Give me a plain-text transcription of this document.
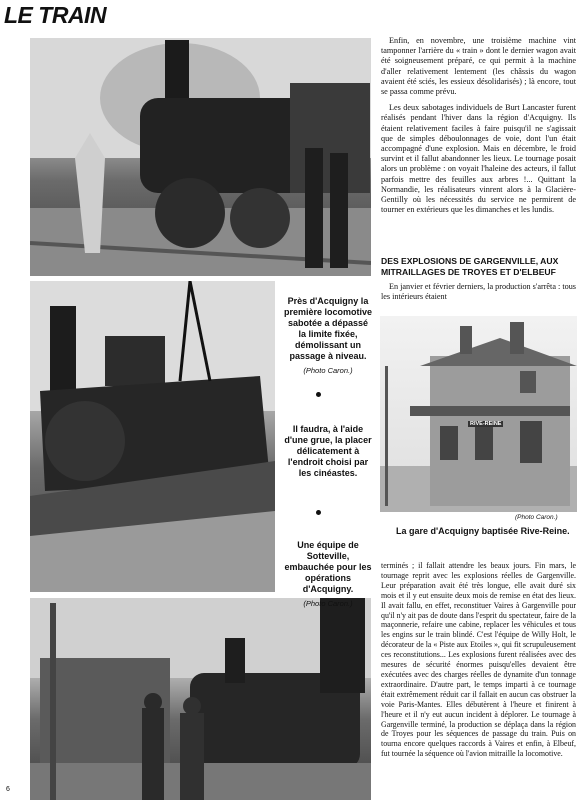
LE TRAIN
RIVE-REINE
Près d'Acquigny la première locomotive sabotée a dépassé la limite fixée, démolissant un passage à niveau.
(Photo Caron.)
Il faudra, à l'aide d'une grue, la placer délicatement à l'endroit choisi par les cinéastes.
Une équipe de Sotteville, embauchée pour les opérations d'Acquigny.
(Photo Caron.)
(Photo Caron.)
La gare d'Acquigny baptisée Rive-Reine.

Enfin, en novembre, une troisième machine vint tamponner l'arrière du « train » dont le dernier wagon avait été soigneusement préparé, ce qui permit à la machine d'aller relativement lentement (les châssis du wagon avaient été sciés, les essieux désolidarisés) ; là encore, tout se passa comme prévu.

Les deux sabotages individuels de Burt Lancaster furent réalisés pendant l'hiver dans la région d'Acquigny. Ils étaient relativement faciles à faire puisqu'il ne s'agissait que de simples déboulonnages de voie, dont l'un était accompagné d'une explosion. Mais en décembre, le froid survint et il fallut abandonner les lieux. Le tournage posait alors un problème : on voyait l'haleine des acteurs, il fallut parfois mettre des feuilles aux arbres !... Quittant la Normandie, les réalisateurs vinrent alors à la Glacière-Gentilly où les nécessités du service ne permirent de tourner en extérieurs que les dimanches et les lundis.

DES EXPLOSIONS DE GARGENVILLE, AUX MITRAILLAGES DE TROYES ET D'ELBEUF
En janvier et février derniers, la production s'arrêta : tous les intérieurs étaient
terminés ; il fallait attendre les beaux jours. Fin mars, le tournage reprit avec les explosions réelles de Gargenville. Leur préparation avait été très longue, elle avait duré six mois et il y eut ensuite deux mois de remise en état des lieux. Il avait fallu, en effet, reconstituer Vaires à Gargenville pour qu'il n'y ait pas de doute dans l'esprit du spectateur, faire de la maçonnerie, refaire une cabine, replacer les véhicules et tous les engins sur le train blindé. C'est l'équipe de Willy Holt, le décorateur de la « Piste aux Etoiles », qui fit scrupuleusement ces reconstitutions... Les explosions furent réalisées avec des mesures de sécurité énormes puisqu'elles devaient être exécutées avec des charges réelles de dynamite d'un tonnage extraordinaire. D'autre part, le temps imparti à ce tournage était extrêmement réduit car il fallait en aucun cas obstruer la voie Paris-Mantes. Elles débutèrent à l'heure et finirent à l'heure et il n'y eut aucun incident à déplorer. Le tournage à Gargenville terminé, la production se déplaça dans la région de Troyes pour les séquences de passage du train. Puis on tourna encore quelques raccords à Vaires et enfin, à Elbeuf, fut tournée la séquence où l'avion mitraille la locomotive.
6
